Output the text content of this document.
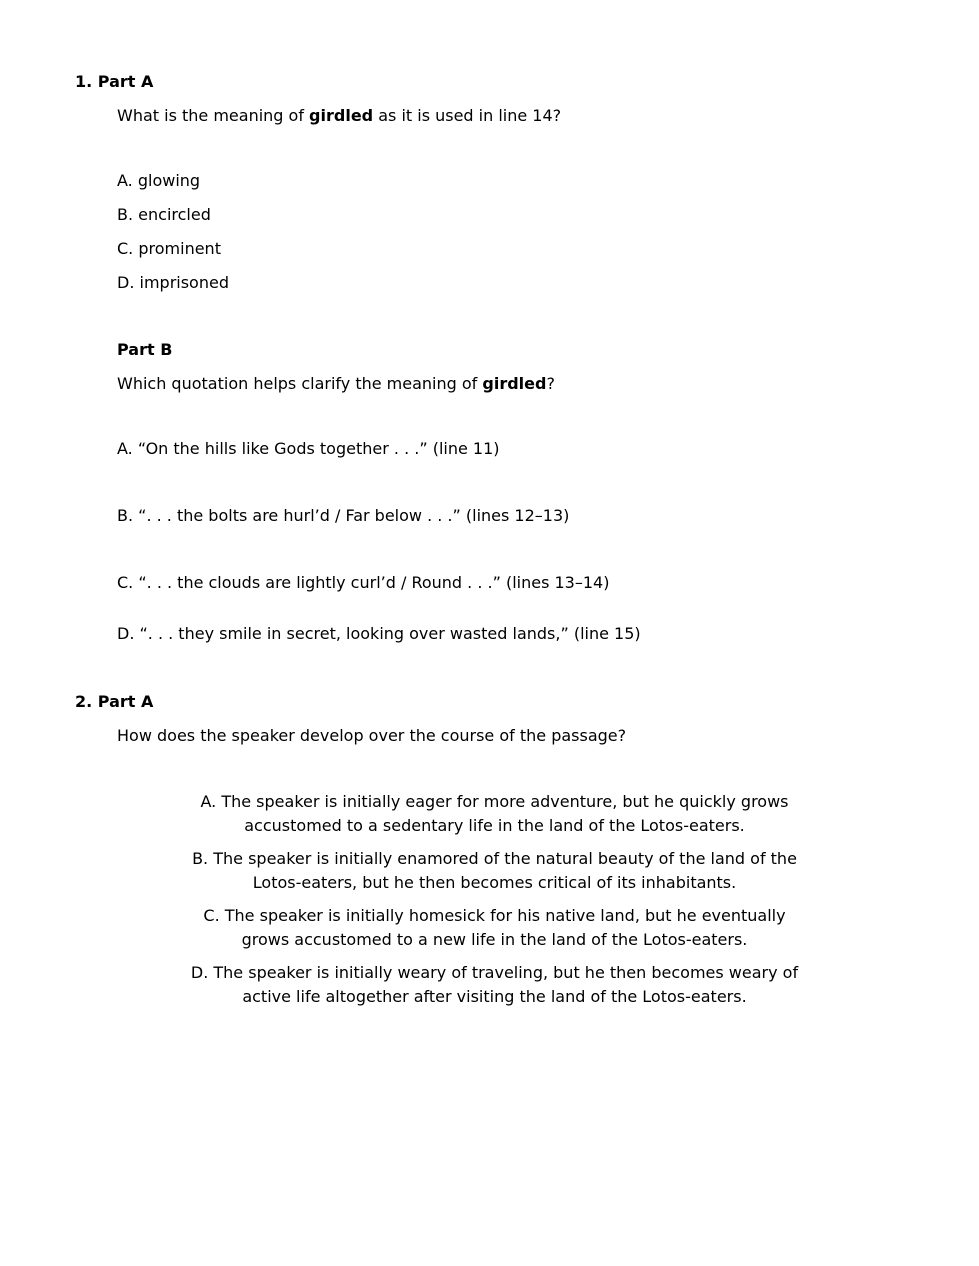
1. Part A

What is the meaning of girdled as it is used in line 14?

A. glowing
B. encircled
C. prominent
D. imprisoned
Part B

Which quotation helps clarify the meaning of girdled?

A. “On the hills like Gods together . . .” (line 11)
B. “. . . the bolts are hurl’d / Far below . . .” (lines 12–13)
C. “. . . the clouds are lightly curl’d / Round . . .” (lines 13–14)
D. “. . . they smile in secret, looking over wasted lands,” (line 15)
2. Part A

How does the speaker develop over the course of the passage?

A. The speaker is initially eager for more adventure, but he quickly grows
accustomed to a sedentary life in the land of the Lotos-eaters.
B. The speaker is initially enamored of the natural beauty of the land of the
Lotos-eaters, but he then becomes critical of its inhabitants.
C. The speaker is initially homesick for his native land, but he eventually
grows accustomed to a new life in the land of the Lotos-eaters.
D. The speaker is initially weary of traveling, but he then becomes weary of
active life altogether after visiting the land of the Lotos-eaters.
